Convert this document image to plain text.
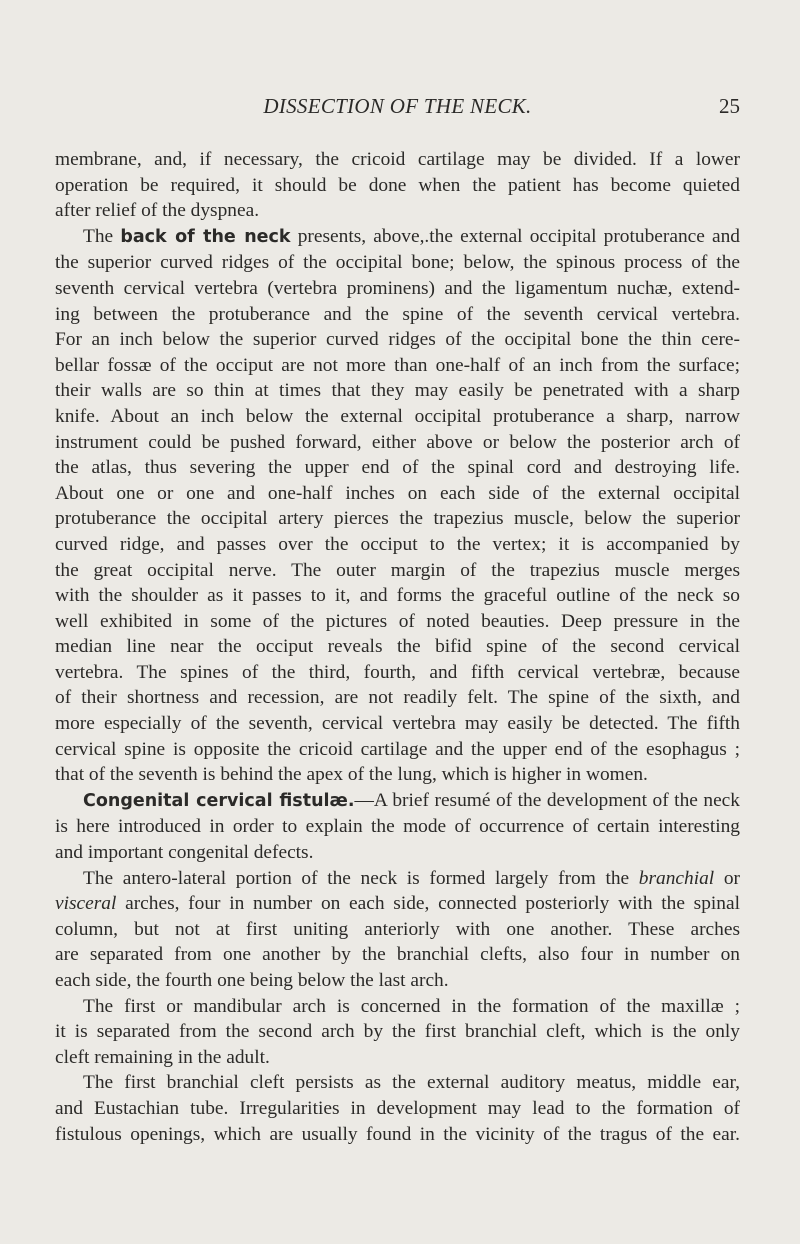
DISSECTION OF THE NECK.	25
membrane, and, if necessary, the cricoid cartilage may be divided. If a lower
operation be required, it should be done when the patient has become quieted
after relief of the dyspnea.
The back of the neck presents, above,.the external occipital protuberance and
the superior curved ridges of the occipital bone; below, the spinous process of the
seventh cervical vertebra (vertebra prominens) and the ligamentum nuchæ, extend-
ing between the protuberance and the spine of the seventh cervical vertebra.
For an inch below the superior curved ridges of the occipital bone the thin cere-
bellar fossæ of the occiput are not more than one-half of an inch from the surface;
their walls are so thin at times that they may easily be penetrated with a sharp
knife. About an inch below the external occipital protuberance a sharp, narrow
instrument could be pushed forward, either above or below the posterior arch of
the atlas, thus severing the upper end of the spinal cord and destroying life.
About one or one and one-half inches on each side of the external occipital
protuberance the occipital artery pierces the trapezius muscle, below the superior
curved ridge, and passes over the occiput to the vertex; it is accompanied by
the great occipital nerve. The outer margin of the trapezius muscle merges
with the shoulder as it passes to it, and forms the graceful outline of the neck so
well exhibited in some of the pictures of noted beauties. Deep pressure in the
median line near the occiput reveals the bifid spine of the second cervical
vertebra. The spines of the third, fourth, and fifth cervical vertebræ, because
of their shortness and recession, are not readily felt. The spine of the sixth, and
more especially of the seventh, cervical vertebra may easily be detected. The fifth
cervical spine is opposite the cricoid cartilage and the upper end of the esophagus ;
that of the seventh is behind the apex of the lung, which is higher in women.
Congenital cervical fistulæ.—A brief resumé of the development of the neck
is here introduced in order to explain the mode of occurrence of certain interesting
and important congenital defects.
The antero-lateral portion of the neck is formed largely from the branchial or
visceral arches, four in number on each side, connected posteriorly with the spinal
column, but not at first uniting anteriorly with one another. These arches
are separated from one another by the branchial clefts, also four in number on
each side, the fourth one being below the last arch.
The first or mandibular arch is concerned in the formation of the maxillæ ;
it is separated from the second arch by the first branchial cleft, which is the only
cleft remaining in the adult.
The first branchial cleft persists as the external auditory meatus, middle ear,
and Eustachian tube. Irregularities in development may lead to the formation of
fistulous openings, which are usually found in the vicinity of the tragus of the ear.
